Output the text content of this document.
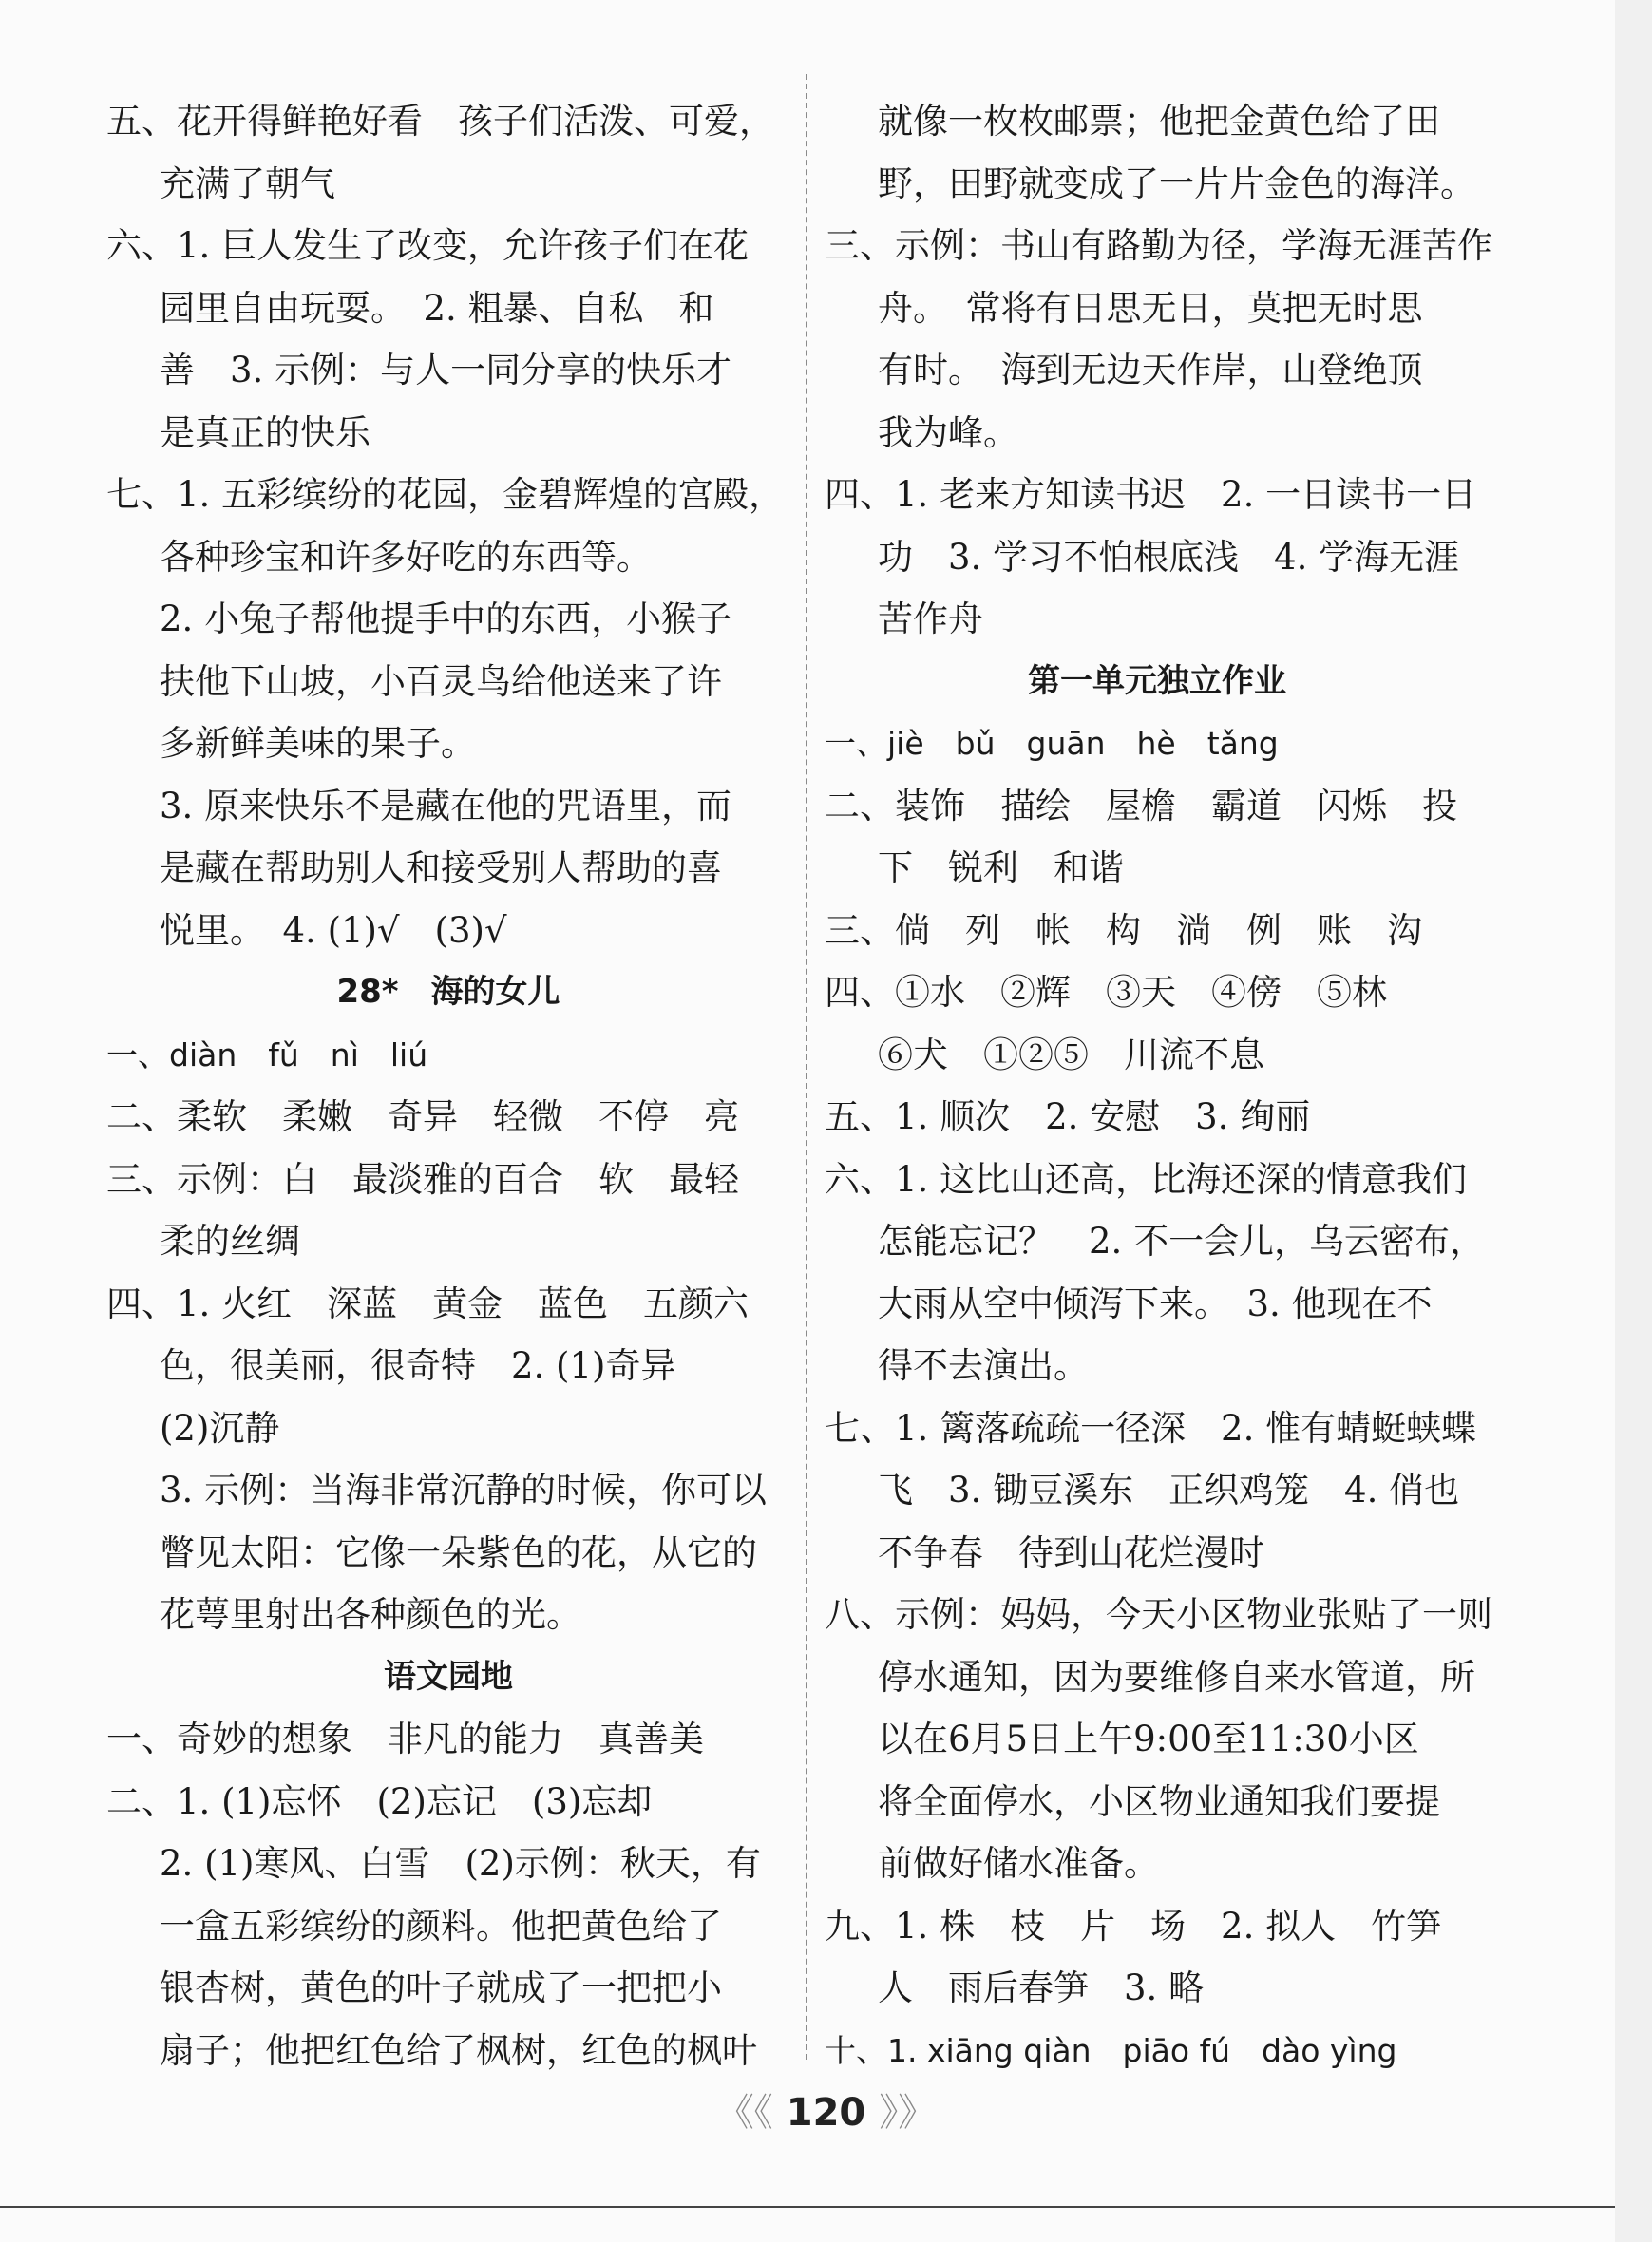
五、花开得鲜艳好看　孩子们活泼、可爱，
充满了朝气
六、1. 巨人发生了改变，允许孩子们在花
园里自由玩耍。　2. 粗暴、自私　和
善　3. 示例：与人一同分享的快乐才
是真正的快乐
七、1. 五彩缤纷的花园，金碧辉煌的宫殿，
各种珍宝和许多好吃的东西等。
2. 小兔子帮他提手中的东西，小猴子
扶他下山坡，小百灵鸟给他送来了许
多新鲜美味的果子。
3. 原来快乐不是藏在他的咒语里，而
是藏在帮助别人和接受别人帮助的喜
悦里。　4. (1)√　(3)√
28*　海的女儿
一、diàn　fǔ　nì　liú
二、柔软　柔嫩　奇异　轻微　不停　亮
三、示例：白　最淡雅的百合　软　最轻
柔的丝绸
四、1. 火红　深蓝　黄金　蓝色　五颜六
色，很美丽，很奇特　2. (1)奇异
(2)沉静
3. 示例：当海非常沉静的时候，你可以
瞥见太阳：它像一朵紫色的花，从它的
花萼里射出各种颜色的光。
语文园地
一、奇妙的想象　非凡的能力　真善美
二、1. (1)忘怀　(2)忘记　(3)忘却
2. (1)寒风、白雪　(2)示例：秋天，有
一盒五彩缤纷的颜料。他把黄色给了
银杏树，黄色的叶子就成了一把把小
扇子；他把红色给了枫树，红色的枫叶
就像一枚枚邮票；他把金黄色给了田
野，田野就变成了一片片金色的海洋。
三、示例：书山有路勤为径，学海无涯苦作
舟。　常将有日思无日，莫把无时思
有时。　海到无边天作岸，山登绝顶
我为峰。
四、1. 老来方知读书迟　2. 一日读书一日
功　3. 学习不怕根底浅　4. 学海无涯
苦作舟
第一单元独立作业
一、jiè　bǔ　guān　hè　tǎng
二、装饰　描绘　屋檐　霸道　闪烁　投
下　锐利　和谐
三、倘　列　帐　构　淌　例　账　沟
四、①水　②辉　③天　④傍　⑤林
⑥犬　①②⑤　川流不息
五、1. 顺次　2. 安慰　3. 绚丽
六、1. 这比山还高，比海还深的情意我们
怎能忘记？　2. 不一会儿，乌云密布，
大雨从空中倾泻下来。　3. 他现在不
得不去演出。
七、1. 篱落疏疏一径深　2. 惟有蜻蜓蛱蝶
飞　3. 锄豆溪东　正织鸡笼　4. 俏也
不争春　待到山花烂漫时
八、示例：妈妈，今天小区物业张贴了一则
停水通知，因为要维修自来水管道，所
以在6月5日上午9:00至11:30小区
将全面停水，小区物业通知我们要提
前做好储水准备。
九、1. 株　枝　片　场　2. 拟人　竹笋
人　雨后春笋　3. 略
十、1. xiāng qiàn　piāo fú　dào yìng
《《 120 》》
